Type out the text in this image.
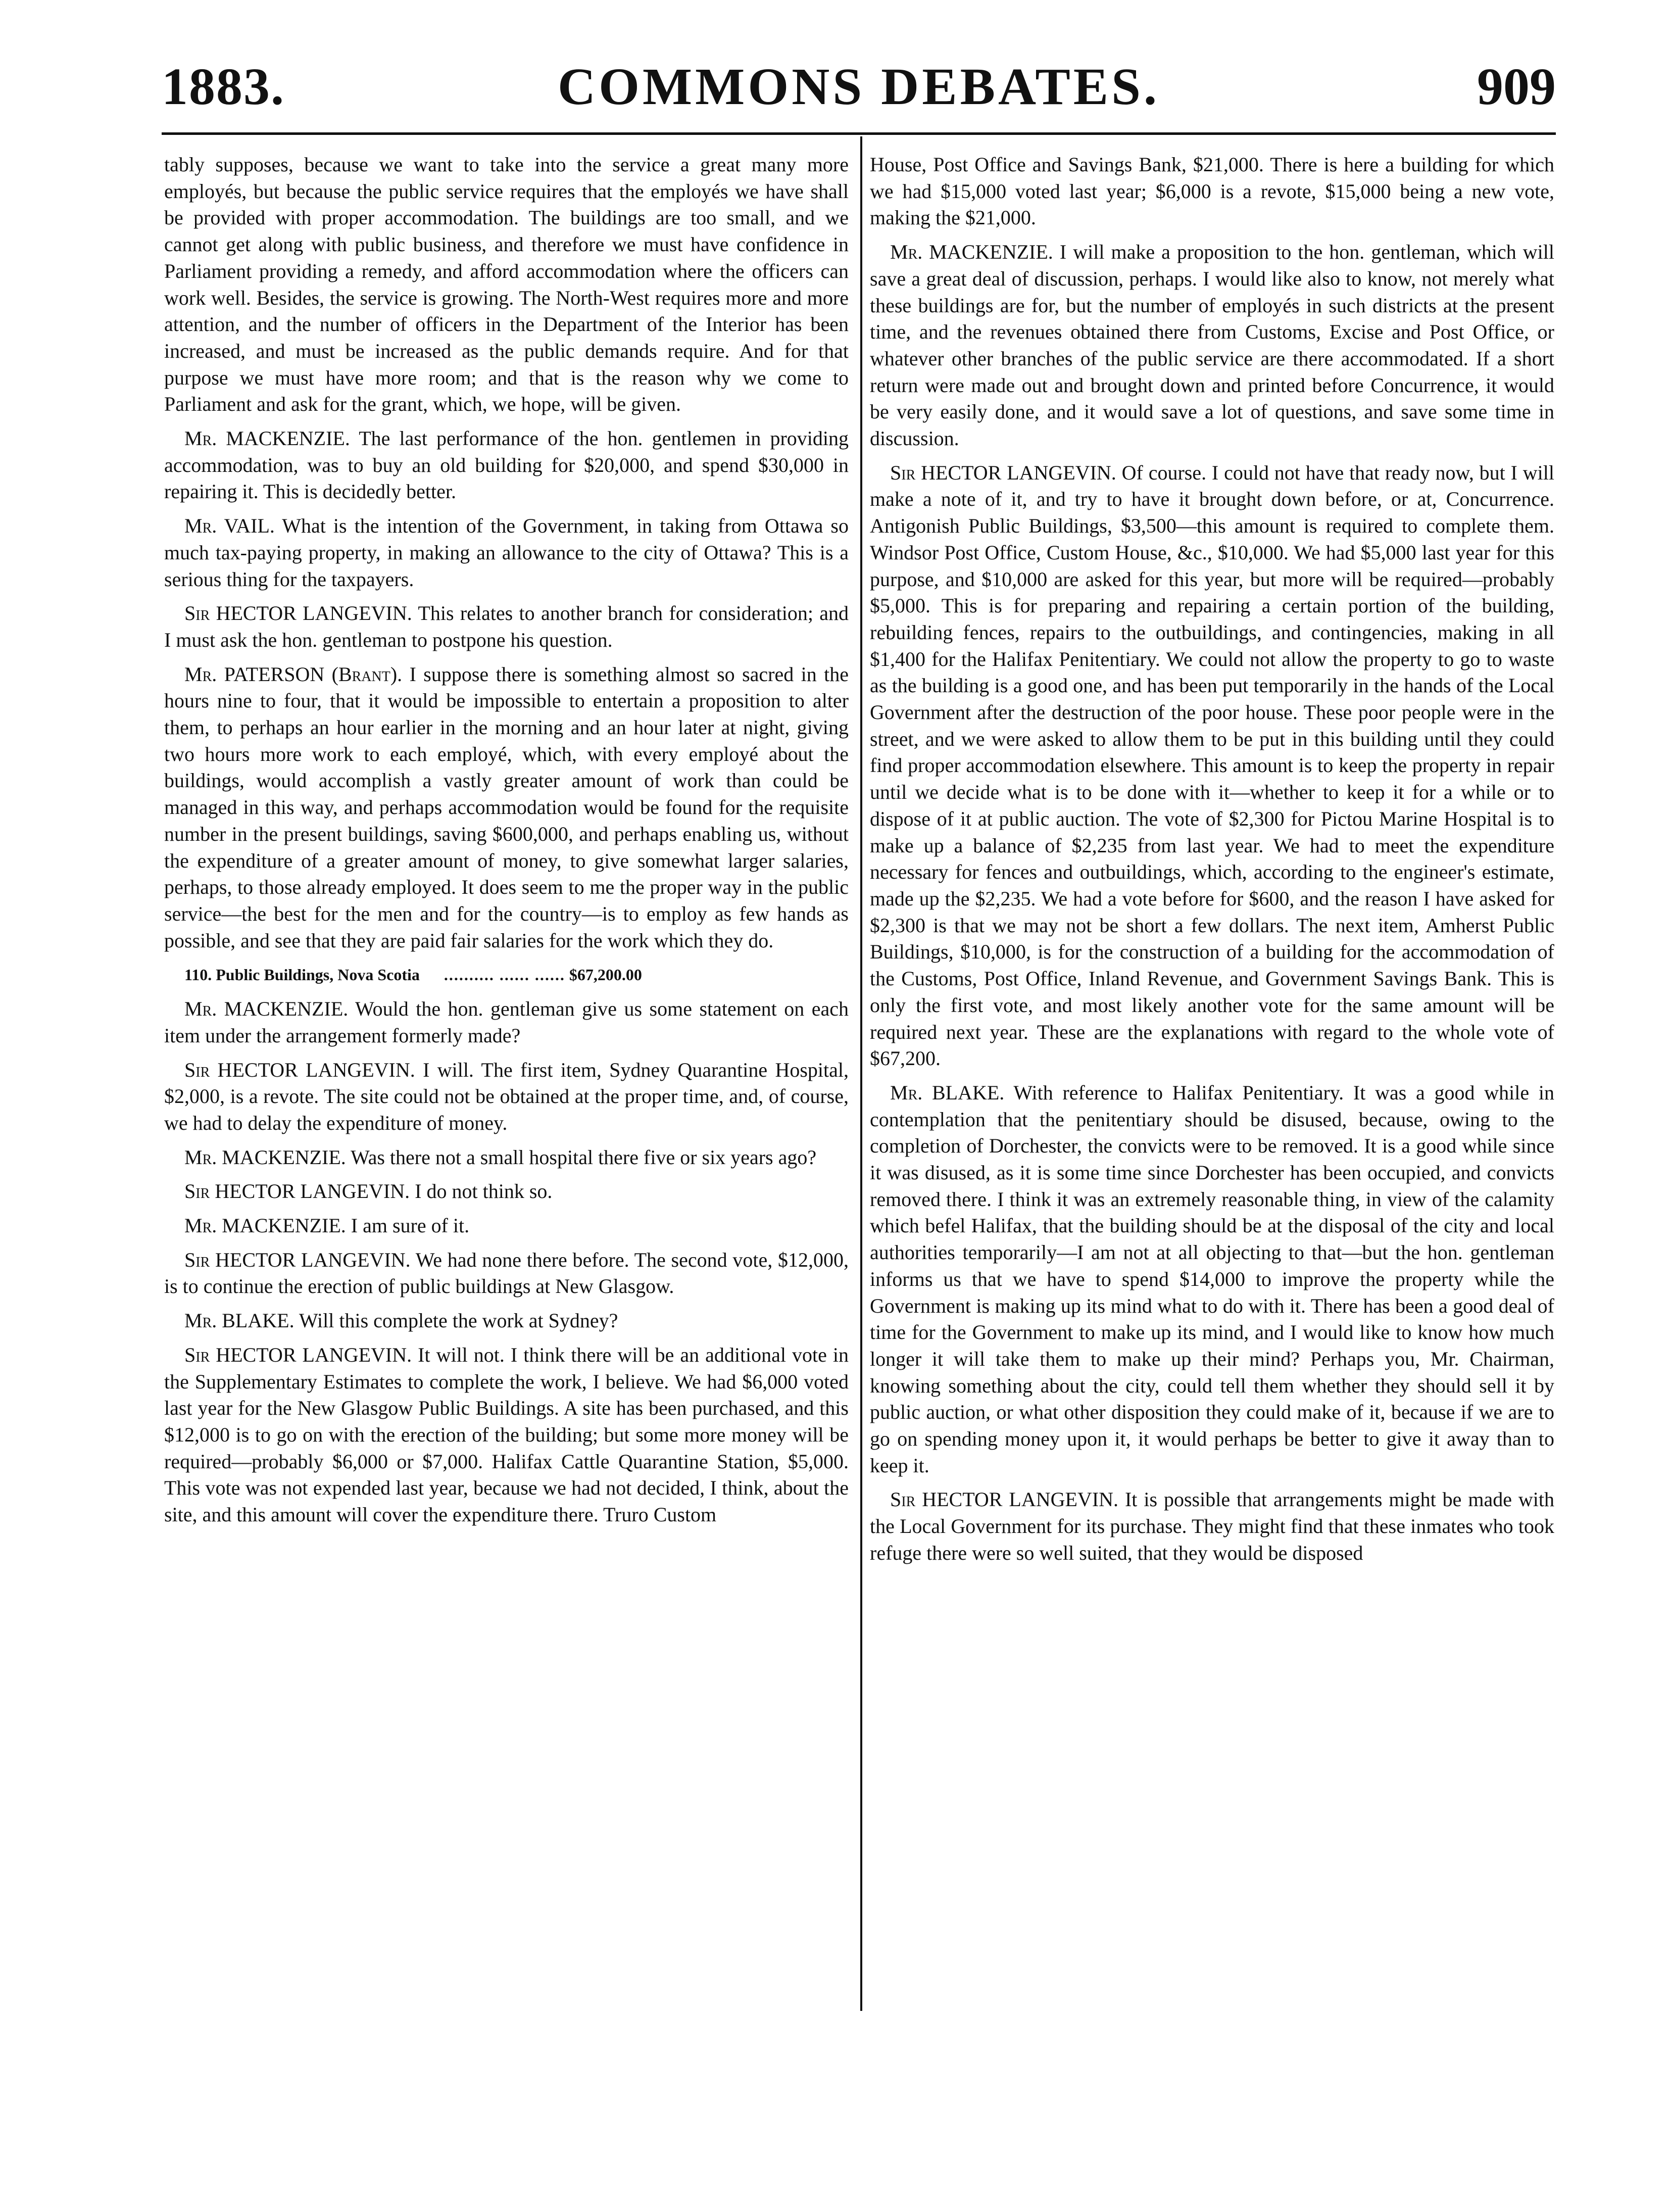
1883.	COMMONS DEBATES.	909

tably supposes, because we want to take into the service a great many more employés, but because the public service requires that the employés we have shall be provided with proper accommodation. The buildings are too small, and we cannot get along with public business, and therefore we must have confidence in Parliament providing a remedy, and afford accommodation where the officers can work well. Besides, the service is growing. The North-West requires more and more attention, and the number of officers in the Department of the Interior has been increased, and must be increased as the public demands require. And for that purpose we must have more room; and that is the reason why we come to Parliament and ask for the grant, which, we hope, will be given.

Mr. MACKENZIE. The last performance of the hon. gentlemen in providing accommodation, was to buy an old building for $20,000, and spend $30,000 in repairing it. This is decidedly better.

Mr. VAIL. What is the intention of the Government, in taking from Ottawa so much tax-paying property, in making an allowance to the city of Ottawa? This is a serious thing for the taxpayers.

Sir HECTOR LANGEVIN. This relates to another branch for consideration; and I must ask the hon. gentleman to postpone his question.

Mr. PATERSON (Brant). I suppose there is something almost so sacred in the hours nine to four, that it would be impossible to entertain a proposition to alter them, to perhaps an hour earlier in the morning and an hour later at night, giving two hours more work to each employé, which, with every employé about the buildings, would accomplish a vastly greater amount of work than could be managed in this way, and perhaps accommodation would be found for the requisite number in the present buildings, saving $600,000, and perhaps enabling us, without the expenditure of a greater amount of money, to give somewhat larger salaries, perhaps, to those already employed. It does seem to me the proper way in the public service—the best for the men and for the country—is to employ as few hands as possible, and see that they are paid fair salaries for the work which they do.

110. Public Buildings, Nova Scotia .......... ...... ...... $67,200.00

Mr. MACKENZIE. Would the hon. gentleman give us some statement on each item under the arrangement formerly made?

Sir HECTOR LANGEVIN. I will. The first item, Sydney Quarantine Hospital, $2,000, is a revote. The site could not be obtained at the proper time, and, of course, we had to delay the expenditure of money.

Mr. MACKENZIE. Was there not a small hospital there five or six years ago?

Sir HECTOR LANGEVIN. I do not think so.

Mr. MACKENZIE. I am sure of it.

Sir HECTOR LANGEVIN. We had none there before. The second vote, $12,000, is to continue the erection of public buildings at New Glasgow.

Mr. BLAKE. Will this complete the work at Sydney?

Sir HECTOR LANGEVIN. It will not. I think there will be an additional vote in the Supplementary Estimates to complete the work, I believe. We had $6,000 voted last year for the New Glasgow Public Buildings. A site has been purchased, and this $12,000 is to go on with the erection of the building; but some more money will be required—probably $6,000 or $7,000. Halifax Cattle Quarantine Station, $5,000. This vote was not expended last year, because we had not decided, I think, about the site, and this amount will cover the expenditure there. Truro Custom

House, Post Office and Savings Bank, $21,000. There is here a building for which we had $15,000 voted last year; $6,000 is a revote, $15,000 being a new vote, making the $21,000.

Mr. MACKENZIE. I will make a proposition to the hon. gentleman, which will save a great deal of discussion, perhaps. I would like also to know, not merely what these buildings are for, but the number of employés in such districts at the present time, and the revenues obtained there from Customs, Excise and Post Office, or whatever other branches of the public service are there accommodated. If a short return were made out and brought down and printed before Concurrence, it would be very easily done, and it would save a lot of questions, and save some time in discussion.

Sir HECTOR LANGEVIN. Of course. I could not have that ready now, but I will make a note of it, and try to have it brought down before, or at, Concurrence. Antigonish Public Buildings, $3,500—this amount is required to complete them. Windsor Post Office, Custom House, &c., $10,000. We had $5,000 last year for this purpose, and $10,000 are asked for this year, but more will be required—probably $5,000. This is for preparing and repairing a certain portion of the building, rebuilding fences, repairs to the outbuildings, and contingencies, making in all $1,400 for the Halifax Penitentiary. We could not allow the property to go to waste as the building is a good one, and has been put temporarily in the hands of the Local Government after the destruction of the poor house. These poor people were in the street, and we were asked to allow them to be put in this building until they could find proper accommodation elsewhere. This amount is to keep the property in repair until we decide what is to be done with it—whether to keep it for a while or to dispose of it at public auction. The vote of $2,300 for Pictou Marine Hospital is to make up a balance of $2,235 from last year. We had to meet the expenditure necessary for fences and outbuildings, which, according to the engineer's estimate, made up the $2,235. We had a vote before for $600, and the reason I have asked for $2,300 is that we may not be short a few dollars. The next item, Amherst Public Buildings, $10,000, is for the construction of a building for the accommodation of the Customs, Post Office, Inland Revenue, and Government Savings Bank. This is only the first vote, and most likely another vote for the same amount will be required next year. These are the explanations with regard to the whole vote of $67,200.

Mr. BLAKE. With reference to Halifax Penitentiary. It was a good while in contemplation that the penitentiary should be disused, because, owing to the completion of Dorchester, the convicts were to be removed. It is a good while since it was disused, as it is some time since Dorchester has been occupied, and convicts removed there. I think it was an extremely reasonable thing, in view of the calamity which befel Halifax, that the building should be at the disposal of the city and local authorities temporarily—I am not at all objecting to that—but the hon. gentleman informs us that we have to spend $14,000 to improve the property while the Government is making up its mind what to do with it. There has been a good deal of time for the Government to make up its mind, and I would like to know how much longer it will take them to make up their mind? Perhaps you, Mr. Chairman, knowing something about the city, could tell them whether they should sell it by public auction, or what other disposition they could make of it, because if we are to go on spending money upon it, it would perhaps be better to give it away than to keep it.

Sir HECTOR LANGEVIN. It is possible that arrangements might be made with the Local Government for its purchase. They might find that these inmates who took refuge there were so well suited, that they would be disposed
